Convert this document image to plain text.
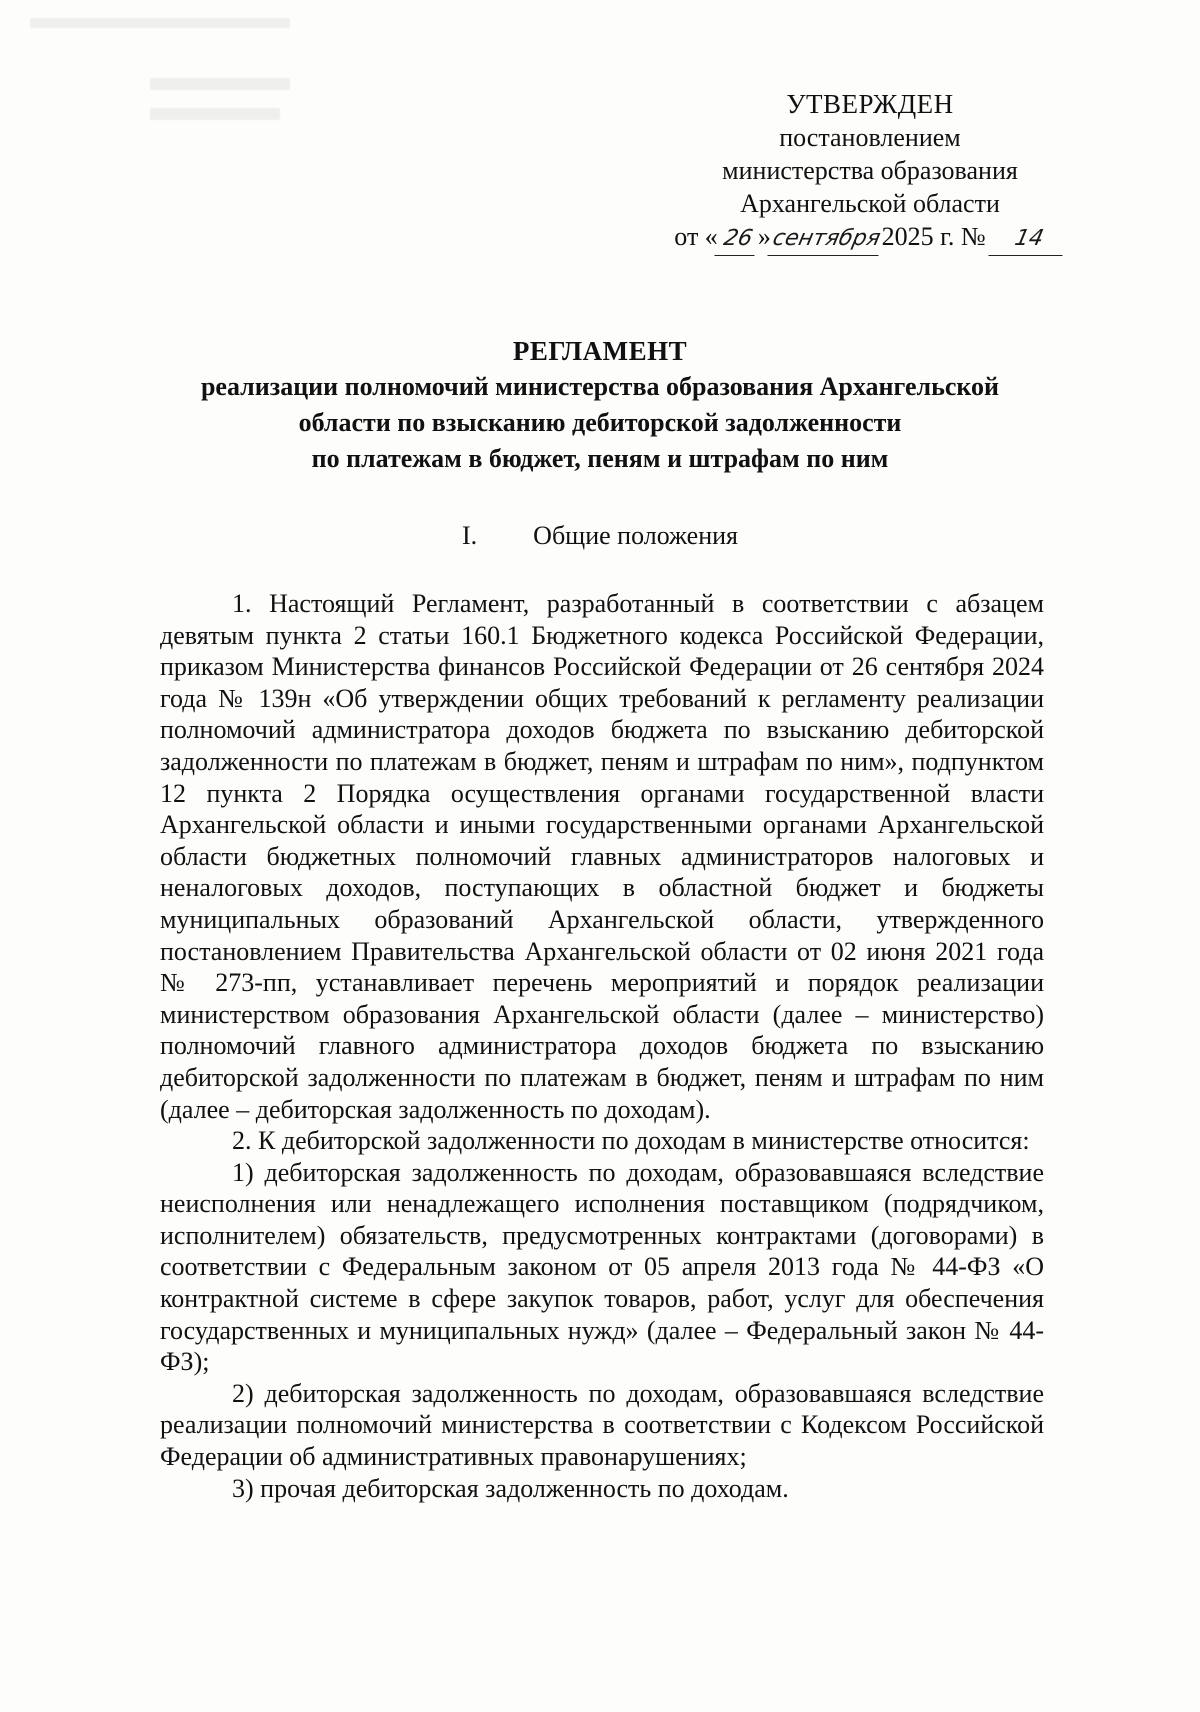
УТВЕРЖДЕН
постановлением
министерства образования
Архангельской области
от « 26 » сентября 2025 г. №	14
РЕГЛАМЕНТ
реализации полномочий министерства образования Архангельской
области по взысканию дебиторской задолженности
по платежам в бюджет, пеням и штрафам по ним
I. Общие положения

1. Настоящий Регламент, разработанный в соответствии с абзацем девятым пункта 2 статьи 160.1 Бюджетного кодекса Российской Федерации, приказом Министерства финансов Российской Федерации от 26 сентября 2024 года № 139н «Об утверждении общих требований к регламенту реализации полномочий администратора доходов бюджета по взысканию дебиторской задолженности по платежам в бюджет, пеням и штрафам по ним», подпунктом 12 пункта 2 Порядка осуществления органами государственной власти Архангельской области и иными государственными органами Архангельской области бюджетных полномочий главных администраторов налоговых и неналоговых доходов, поступающих в областной бюджет и бюджеты муниципальных образований Архангельской области, утвержденного постановлением Правительства Архангельской области от 02 июня 2021 года № 273-пп, устанавливает перечень мероприятий и порядок реализации министерством образования Архангельской области (далее – министерство) полномочий главного администратора доходов бюджета по взысканию дебиторской задолженности по платежам в бюджет, пеням и штрафам по ним (далее – дебиторская задолженность по доходам).

2. К дебиторской задолженности по доходам в министерстве относится:

1) дебиторская задолженность по доходам, образовавшаяся вследствие неисполнения или ненадлежащего исполнения поставщиком (подрядчиком, исполнителем) обязательств, предусмотренных контрактами (договорами) в соответствии с Федеральным законом от 05 апреля 2013 года № 44-ФЗ «О контрактной системе в сфере закупок товаров, работ, услуг для обеспечения государственных и муниципальных нужд» (далее – Федеральный закон № 44-ФЗ);

2) дебиторская задолженность по доходам, образовавшаяся вследствие реализации полномочий министерства в соответствии с Кодексом Российской Федерации об административных правонарушениях;

3) прочая дебиторская задолженность по доходам.
